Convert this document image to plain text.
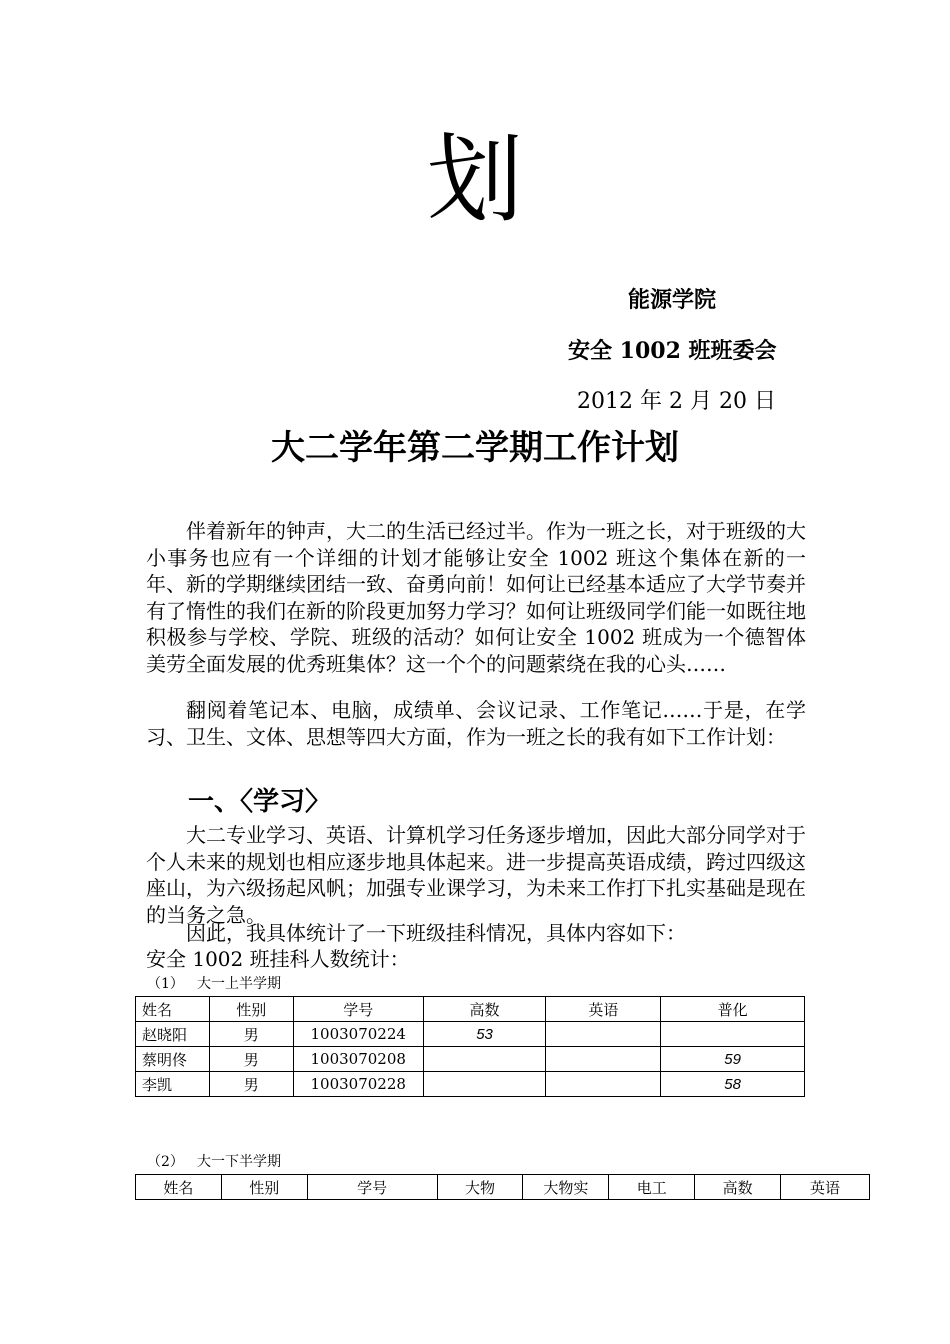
划
能源学院
安全 1002 班班委会
2012 年 2 月 20 日
大二学年第二学期工作计划
伴着新年的钟声，大二的生活已经过半。作为一班之长，对于班级的大小事务也应有一个详细的计划才能够让安全 1002 班这个集体在新的一年、新的学期继续团结一致、奋勇向前！如何让已经基本适应了大学节奏并有了惰性的我们在新的阶段更加努力学习？如何让班级同学们能一如既往地积极参与学校、学院、班级的活动？如何让安全 1002 班成为一个德智体美劳全面发展的优秀班集体？这一个个的问题萦绕在我的心头……
翻阅着笔记本、电脑，成绩单、会议记录、工作笔记……于是，在学习、卫生、文体、思想等四大方面，作为一班之长的我有如下工作计划：
一、〈学习〉
大二专业学习、英语、计算机学习任务逐步增加，因此大部分同学对于个人未来的规划也相应逐步地具体起来。进一步提高英语成绩，跨过四级这座山，为六级扬起风帆；加强专业课学习，为未来工作打下扎实基础是现在的当务之急。
因此，我具体统计了一下班级挂科情况，具体内容如下：
安全 1002 班挂科人数统计：
（1） 大一上半学期
姓名	性别	学号	高数	英语	普化
赵晓阳	男	1003070224	53		
蔡明佟	男	1003070208			59
李凯	男	1003070228			58
（2） 大一下半学期
姓名	性别	学号	大物	大物实	电工	高数	英语
